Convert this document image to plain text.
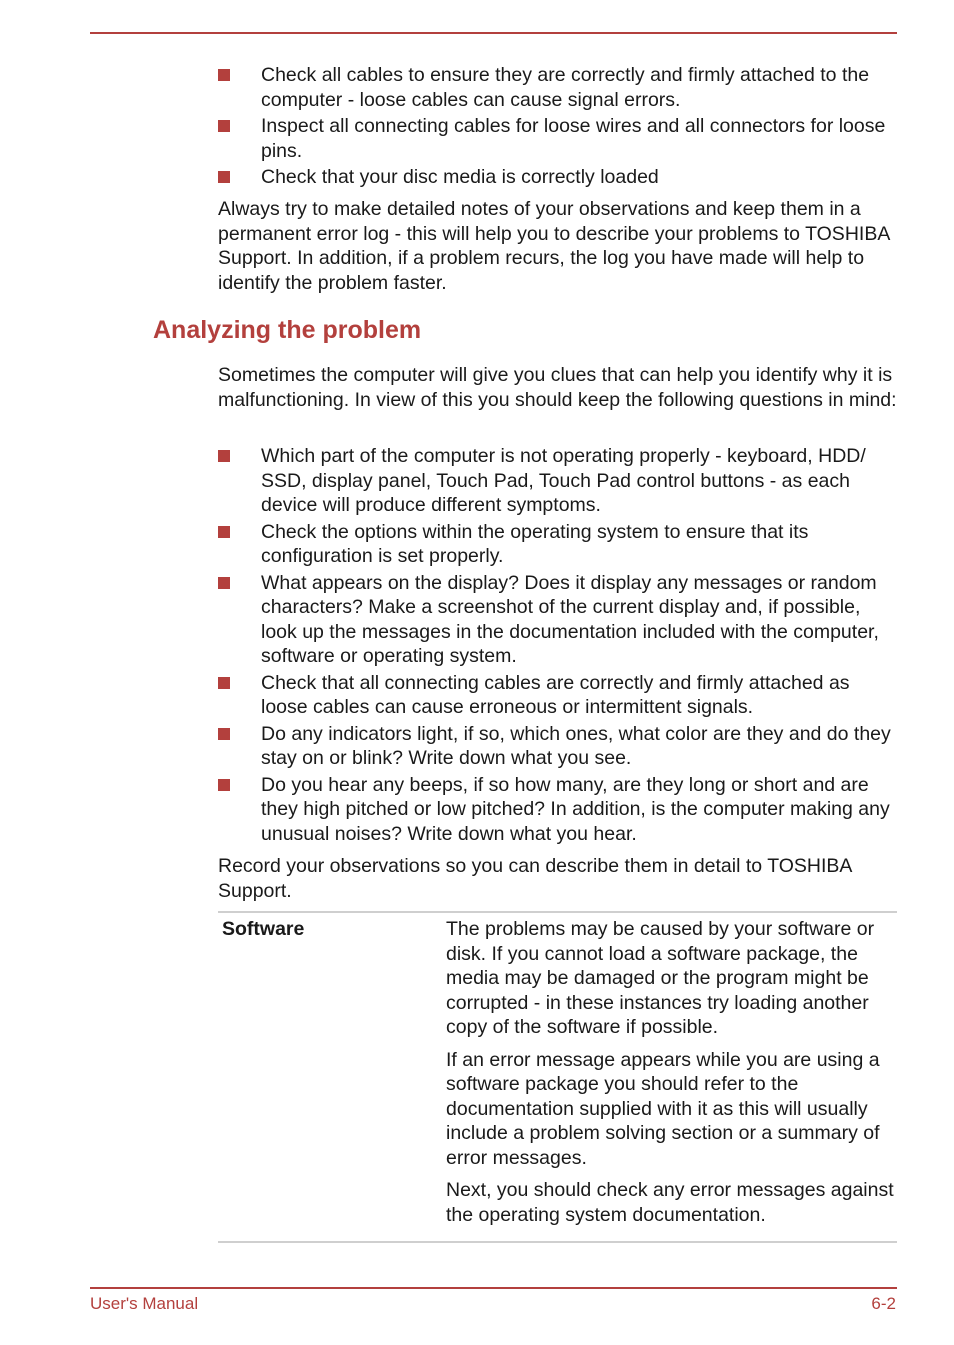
Check all cables to ensure they are correctly and firmly attached to the computer - loose cables can cause signal errors.
Inspect all connecting cables for loose wires and all connectors for loose pins.
Check that your disc media is correctly loaded

Always try to make detailed notes of your observations and keep them in a permanent error log - this will help you to describe your problems to TOSHIBA Support. In addition, if a problem recurs, the log you have made will help to identify the problem faster.

Analyzing the problem

Sometimes the computer will give you clues that can help you identify why it is malfunctioning. In view of this you should keep the following questions in mind:

Which part of the computer is not operating properly - keyboard, HDD/ SSD, display panel, Touch Pad, Touch Pad control buttons - as each device will produce different symptoms.
Check the options within the operating system to ensure that its configuration is set properly.
What appears on the display? Does it display any messages or random characters? Make a screenshot of the current display and, if possible, look up the messages in the documentation included with the computer, software or operating system.
Check that all connecting cables are correctly and firmly attached as loose cables can cause erroneous or intermittent signals.
Do any indicators light, if so, which ones, what color are they and do they stay on or blink? Write down what you see.
Do you hear any beeps, if so how many, are they long or short and are they high pitched or low pitched? In addition, is the computer making any unusual noises? Write down what you hear.

Record your observations so you can describe them in detail to TOSHIBA Support.

Software	The problems may be caused by your software or disk. If you cannot load a software package, the media may be damaged or the program might be corrupted - in these instances try loading another copy of the software if possible.

If an error message appears while you are using a software package you should refer to the documentation supplied with it as this will usually include a problem solving section or a summary of error messages.

Next, you should check any error messages against the operating system documentation.

User's Manual	6-2
